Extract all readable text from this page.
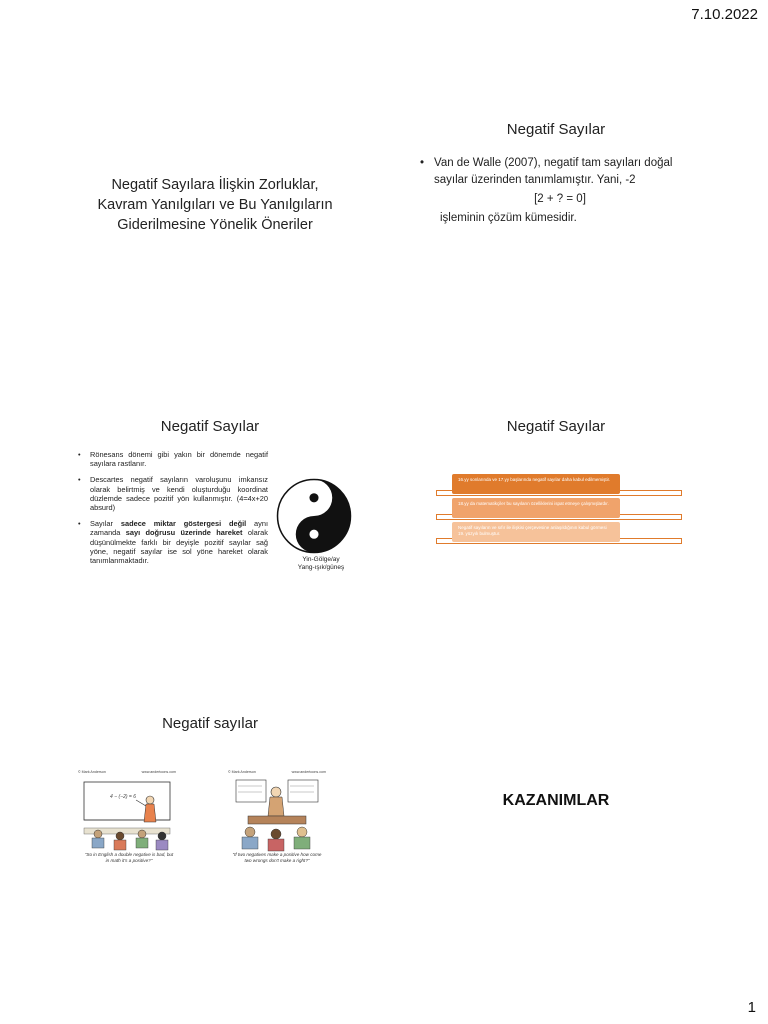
7.10.2022
1
Negatif Sayılara İlişkin Zorluklar,
Kavram Yanılgıları ve Bu Yanılgıların
Giderilmesine Yönelik Öneriler
Negatif Sayılar
• Van de Walle (2007), negatif tam sayıları doğal sayılar üzerinden tanımlamıştır. Yani, -2
[2 + ? = 0]
işleminin çözüm kümesidir.
Negatif Sayılar
• Rönesans dönemi gibi yakın bir dönemde negatif sayılara rastlanır.
• Descartes negatif sayıların varoluşunu imkansız olarak belirtmiş ve kendi oluşturduğu koordinat düzlemde sadece pozitif yön kullanmıştır. (4=4x+20 absurd)
• Sayılar sadece miktar göstergesi değil aynı zamanda sayı doğrusu üzerinde hareket olarak düşünülmekte farklı bir deyişle pozitif sayılar sağ yöne, negatif sayılar ise sol yöne hareket olarak tanımlanmaktadır.	Yin-Gölge/ay
Yang-ışık/güneş
Negatif Sayılar
16.yy sonlarında ve 17.yy başlarında negatif sayılar daha kabul edilmemiştir.
18.yy da matematikçiler bu sayıların özelliklerini ispat etmeye çalışmışlardır.
Negatif sayıların ve sıfır ile ilişkisi çerçevesine anlaşıldığının kabul görmesi 19. yüzyılı bulmuştur.
Negatif sayılar
© Mark Anderson	www.andertoons.com
4 − (−2) = 6
"So in English a double negative is bad, but in math it's a positive?"
© Mark Anderson	www.andertoons.com
"If two negatives make a positive how come two wrongs don't make a right?"
KAZANIMLAR
